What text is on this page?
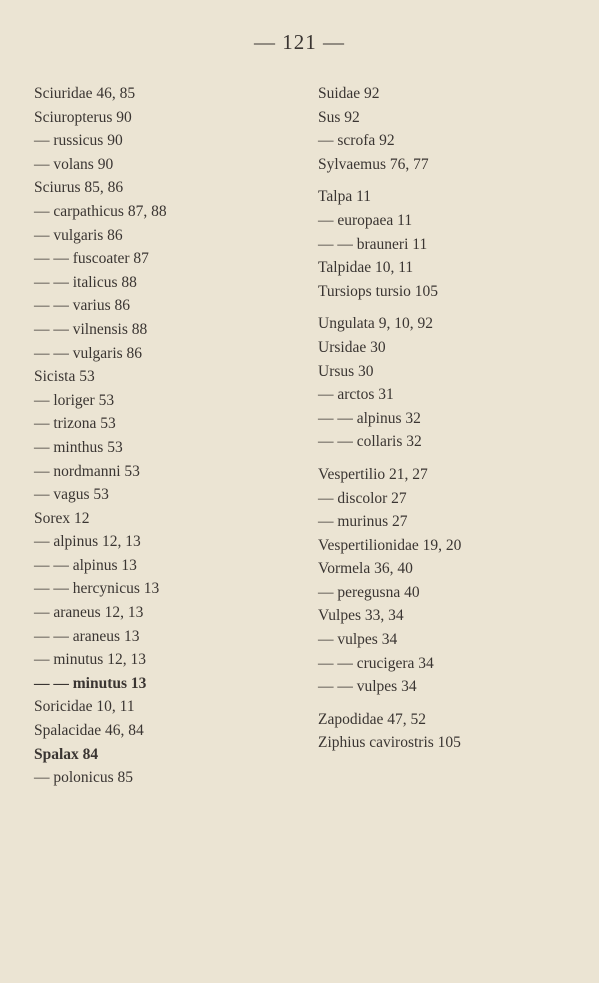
— 121 —
Sciuridae 46, 85
Sciuropterus 90
— russicus 90
— volans 90
Sciurus 85, 86
— carpathicus 87, 88
— vulgaris 86
— — fuscoater 87
— — italicus 88
— — varius 86
— — vilnensis 88
— — vulgaris 86
Sicista 53
— loriger 53
— trizona 53
— minthus 53
— nordmanni 53
— vagus 53
Sorex 12
— alpinus 12, 13
— — alpinus 13
— — hercynicus 13
— araneus 12, 13
— — araneus 13
— minutus 12, 13
— — minutus 13
Soricidae 10, 11
Spalacidae 46, 84
Spalax 84
— polonicus 85
Suidae 92
Sus 92
— scrofa 92
Sylvaemus 76, 77
Talpa 11
— europaea 11
— — brauneri 11
Talpidae 10, 11
Tursiops tursio 105
Ungulata 9, 10, 92
Ursidae 30
Ursus 30
— arctos 31
— — alpinus 32
— — collaris 32
Vespertilio 21, 27
— discolor 27
— murinus 27
Vespertilionidae 19, 20
Vormela 36, 40
— peregusna 40
Vulpes 33, 34
— vulpes 34
— — crucigera 34
— — vulpes 34
Zapodidae 47, 52
Ziphius cavirostris 105
